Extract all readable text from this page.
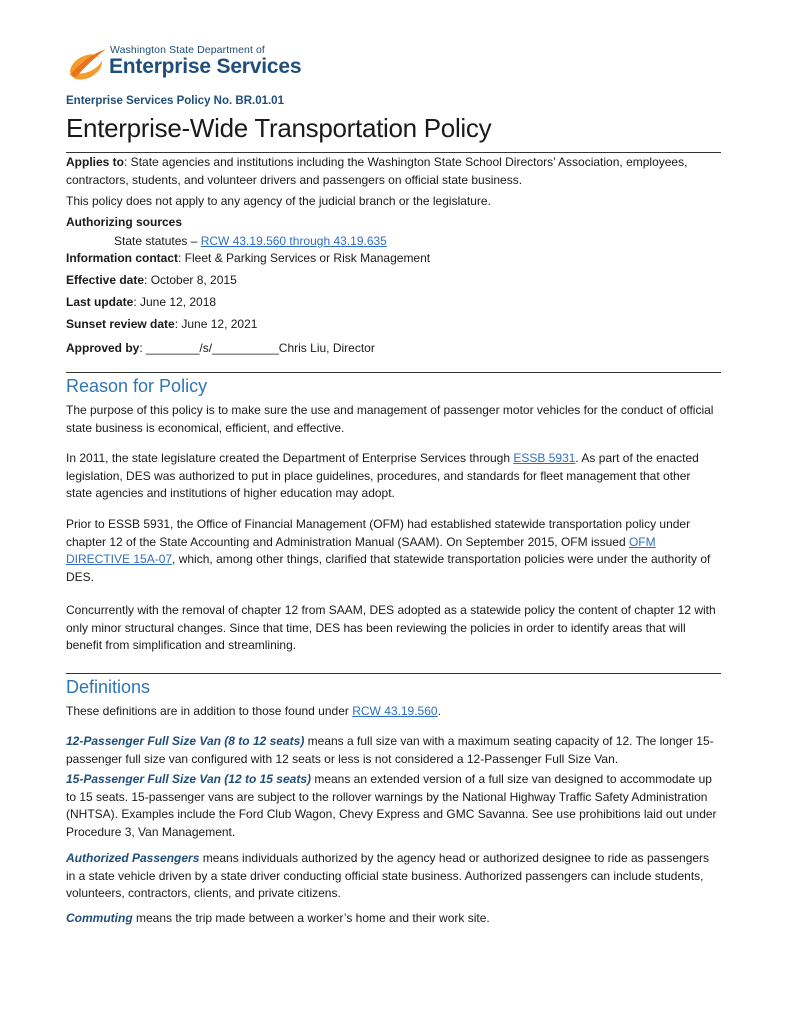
Washington State Department of
Enterprise Services
Enterprise Services Policy No. BR.01.01
Enterprise-Wide Transportation Policy
Applies to: State agencies and institutions including the Washington State School Directors’ Association, employees, contractors, students, and volunteer drivers and passengers on official state business.
This policy does not apply to any agency of the judicial branch or the legislature.
Authorizing sources
State statutes – RCW 43.19.560 through 43.19.635
Information contact: Fleet & Parking Services or Risk Management
Effective date: October 8, 2015
Last update: June 12, 2018
Sunset review date: June 12, 2021
Approved by: ________/s/__________Chris Liu, Director
Reason for Policy
The purpose of this policy is to make sure the use and management of passenger motor vehicles for the conduct of official state business is economical, efficient, and effective.
In 2011, the state legislature created the Department of Enterprise Services through ESSB 5931. As part of the enacted legislation, DES was authorized to put in place guidelines, procedures, and standards for fleet management that other state agencies and institutions of higher education may adopt.
Prior to ESSB 5931, the Office of Financial Management (OFM) had established statewide transportation policy under chapter 12 of the State Accounting and Administration Manual (SAAM). On September 2015, OFM issued OFM DIRECTIVE 15A-07, which, among other things, clarified that statewide transportation policies were under the authority of DES.
Concurrently with the removal of chapter 12 from SAAM, DES adopted as a statewide policy the content of chapter 12 with only minor structural changes. Since that time, DES has been reviewing the policies in order to identify areas that will benefit from simplification and streamlining.
Definitions
These definitions are in addition to those found under RCW 43.19.560.
12-Passenger Full Size Van (8 to 12 seats) means a full size van with a maximum seating capacity of 12. The longer 15-passenger full size van configured with 12 seats or less is not considered a 12-Passenger Full Size Van.
15-Passenger Full Size Van (12 to 15 seats) means an extended version of a full size van designed to accommodate up to 15 seats. 15-passenger vans are subject to the rollover warnings by the National Highway Traffic Safety Administration (NHTSA). Examples include the Ford Club Wagon, Chevy Express and GMC Savanna. See use prohibitions laid out under Procedure 3, Van Management.
Authorized Passengers means individuals authorized by the agency head or authorized designee to ride as passengers in a state vehicle driven by a state driver conducting official state business. Authorized passengers can include students, volunteers, contractors, clients, and private citizens.
Commuting means the trip made between a worker’s home and their work site.
